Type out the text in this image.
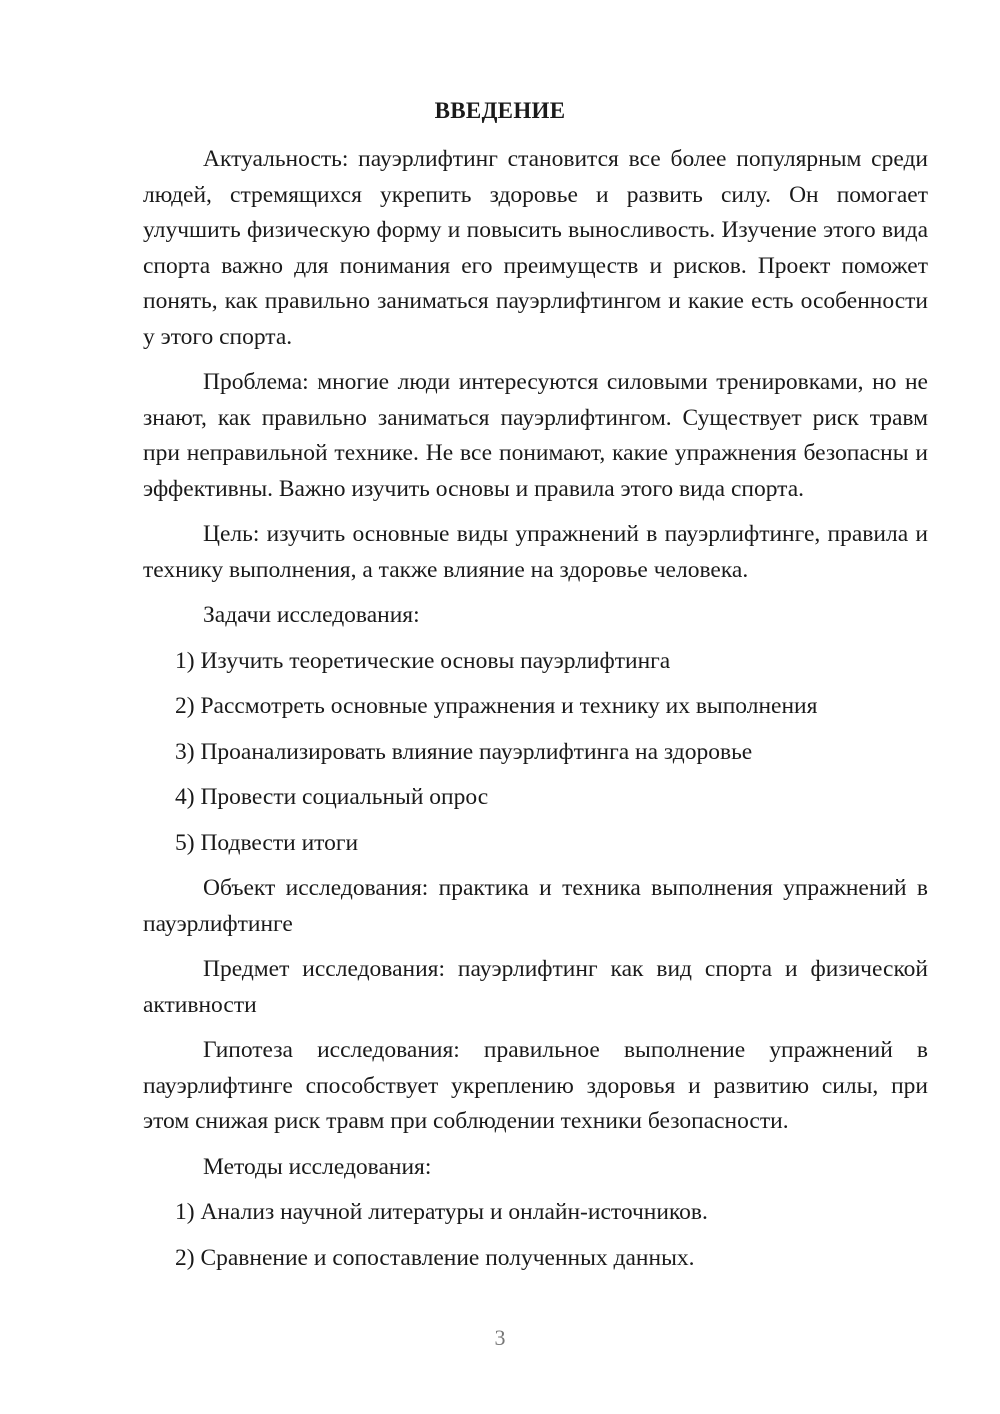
ВВЕДЕНИЕ

Актуальность: пауэрлифтинг становится все более популярным среди людей, стремящихся укрепить здоровье и развить силу. Он помогает улучшить физическую форму и повысить выносливость. Изучение этого вида спорта важно для понимания его преимуществ и рисков. Проект поможет понять, как правильно заниматься пауэрлифтингом и какие есть особенности у этого спорта.

Проблема: многие люди интересуются силовыми тренировками, но не знают, как правильно заниматься пауэрлифтингом. Существует риск травм при неправильной технике. Не все понимают, какие упражнения безопасны и эффективны. Важно изучить основы и правила этого вида спорта.

Цель: изучить основные виды упражнений в пауэрлифтинге, правила и технику выполнения, а также влияние на здоровье человека.

Задачи исследования:

1) Изучить теоретические основы пауэрлифтинга

2) Рассмотреть основные упражнения и технику их выполнения

3) Проанализировать влияние пауэрлифтинга на здоровье

4) Провести социальный опрос

5) Подвести итоги

Объект исследования: практика и техника выполнения упражнений в пауэрлифтинге

Предмет исследования: пауэрлифтинг как вид спорта и физической активности

Гипотеза исследования: правильное выполнение упражнений в пауэрлифтинге способствует укреплению здоровья и развитию силы, при этом снижая риск травм при соблюдении техники безопасности.

Методы исследования:

1) Анализ научной литературы и онлайн-источников.

2) Сравнение и сопоставление полученных данных.

3
